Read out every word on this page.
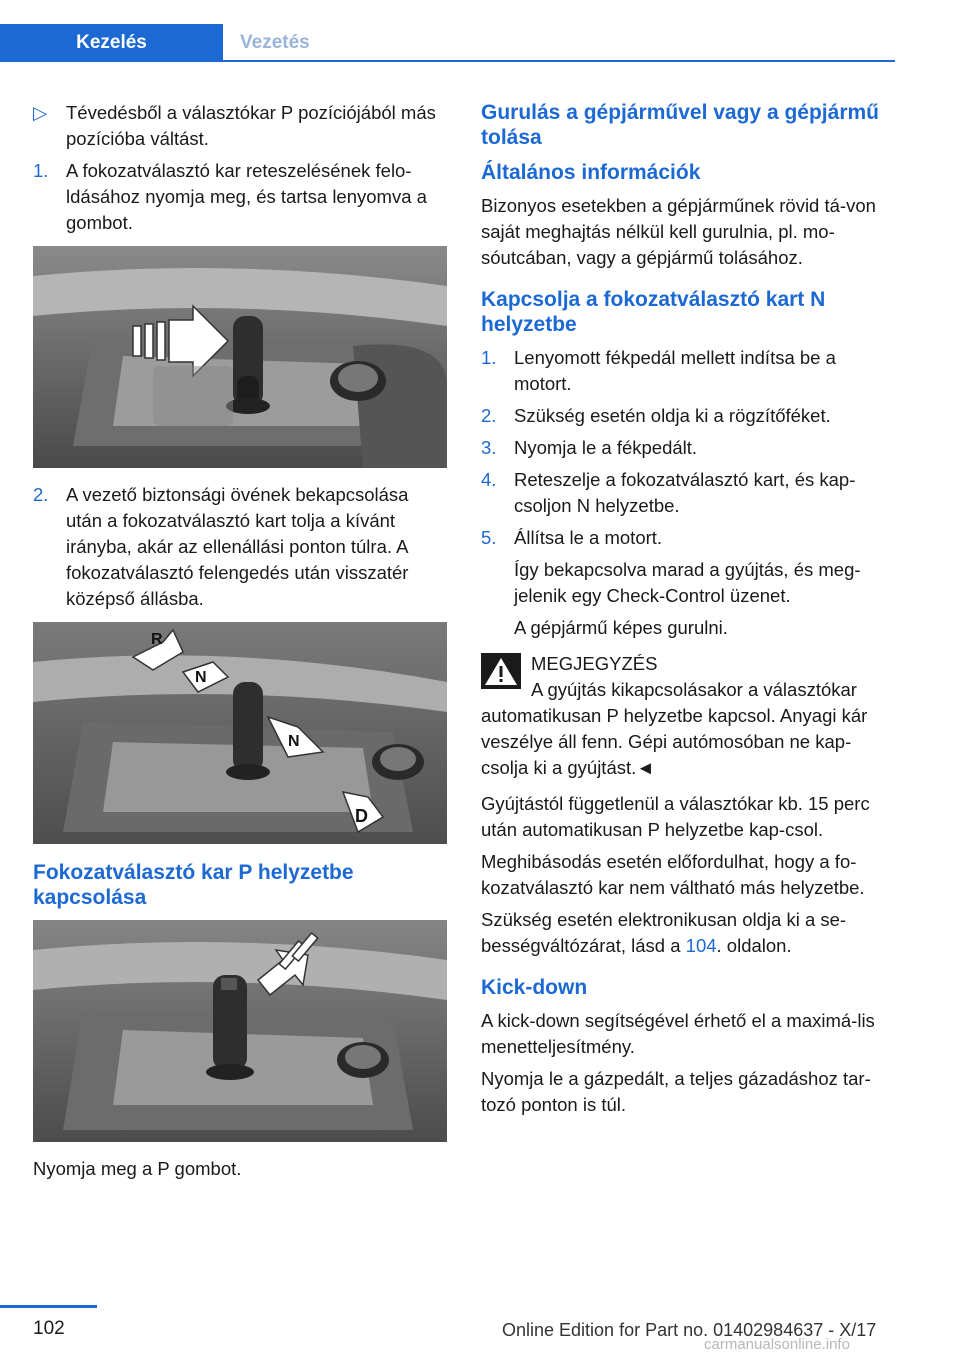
Kezelés	Vezetés
▷ Tévedésből a választókar P pozíciójából más pozícióba váltást.

1. A fokozatválasztó kar reteszelésének felo‐ldásához nyomja meg, és tartsa lenyomva a gombot.

2. A vezető biztonsági övének bekapcsolása után a fokozatválasztó kart tolja a kívánt irányba, akár az ellenállási ponton túlra. A fokozatválasztó felengedés után visszatér középső állásba.

R
N
N
D
Fokozatválasztó kar P helyzetbe kapcsolása

Nyomja meg a P gombot.

Gurulás a gépjárművel vagy a gépjármű tolása
Általános információk

Bizonyos esetekben a gépjárműnek rövid tá‐von saját meghajtás nélkül kell gurulnia, pl. mo‐sóutcában, vagy a gépjármű tolásához.

Kapcsolja a fokozatválasztó kart N helyzetbe
1. Lenyomott fékpedál mellett indítsa be a motort.

2. Szükség esetén oldja ki a rögzítőféket.

3. Nyomja le a fékpedált.

4. Reteszelje a fokozatválasztó kart, és kap‐csoljon N helyzetbe.

5. Állítsa le a motort.

Így bekapcsolva marad a gyújtás, és meg‐jelenik egy Check-Control üzenet.

A gépjármű képes gurulni.

MEGJEGYZÉS

A gyújtás kikapcsolásakor a választókar

automatikusan P helyzetbe kapcsol. Anyagi kár veszélye áll fenn. Gépi autómosóban ne kap‐csolja ki a gyújtást.◄

Gyújtástól függetlenül a választókar kb. 15 perc után automatikusan P helyzetbe kap‐csol.

Meghibásodás esetén előfordulhat, hogy a fo‐kozatválasztó kar nem váltható más helyzetbe.

Szükség esetén elektronikusan oldja ki a se‐bességváltózárat, lásd a 104. oldalon.

Kick-down

A kick-down segítségével érhető el a maximá‐lis menetteljesítmény.

Nyomja le a gázpedált, a teljes gázadáshoz tar‐tozó ponton is túl.

102	Online Edition for Part no. 01402984637 - X/17
carmanualsonline.info
